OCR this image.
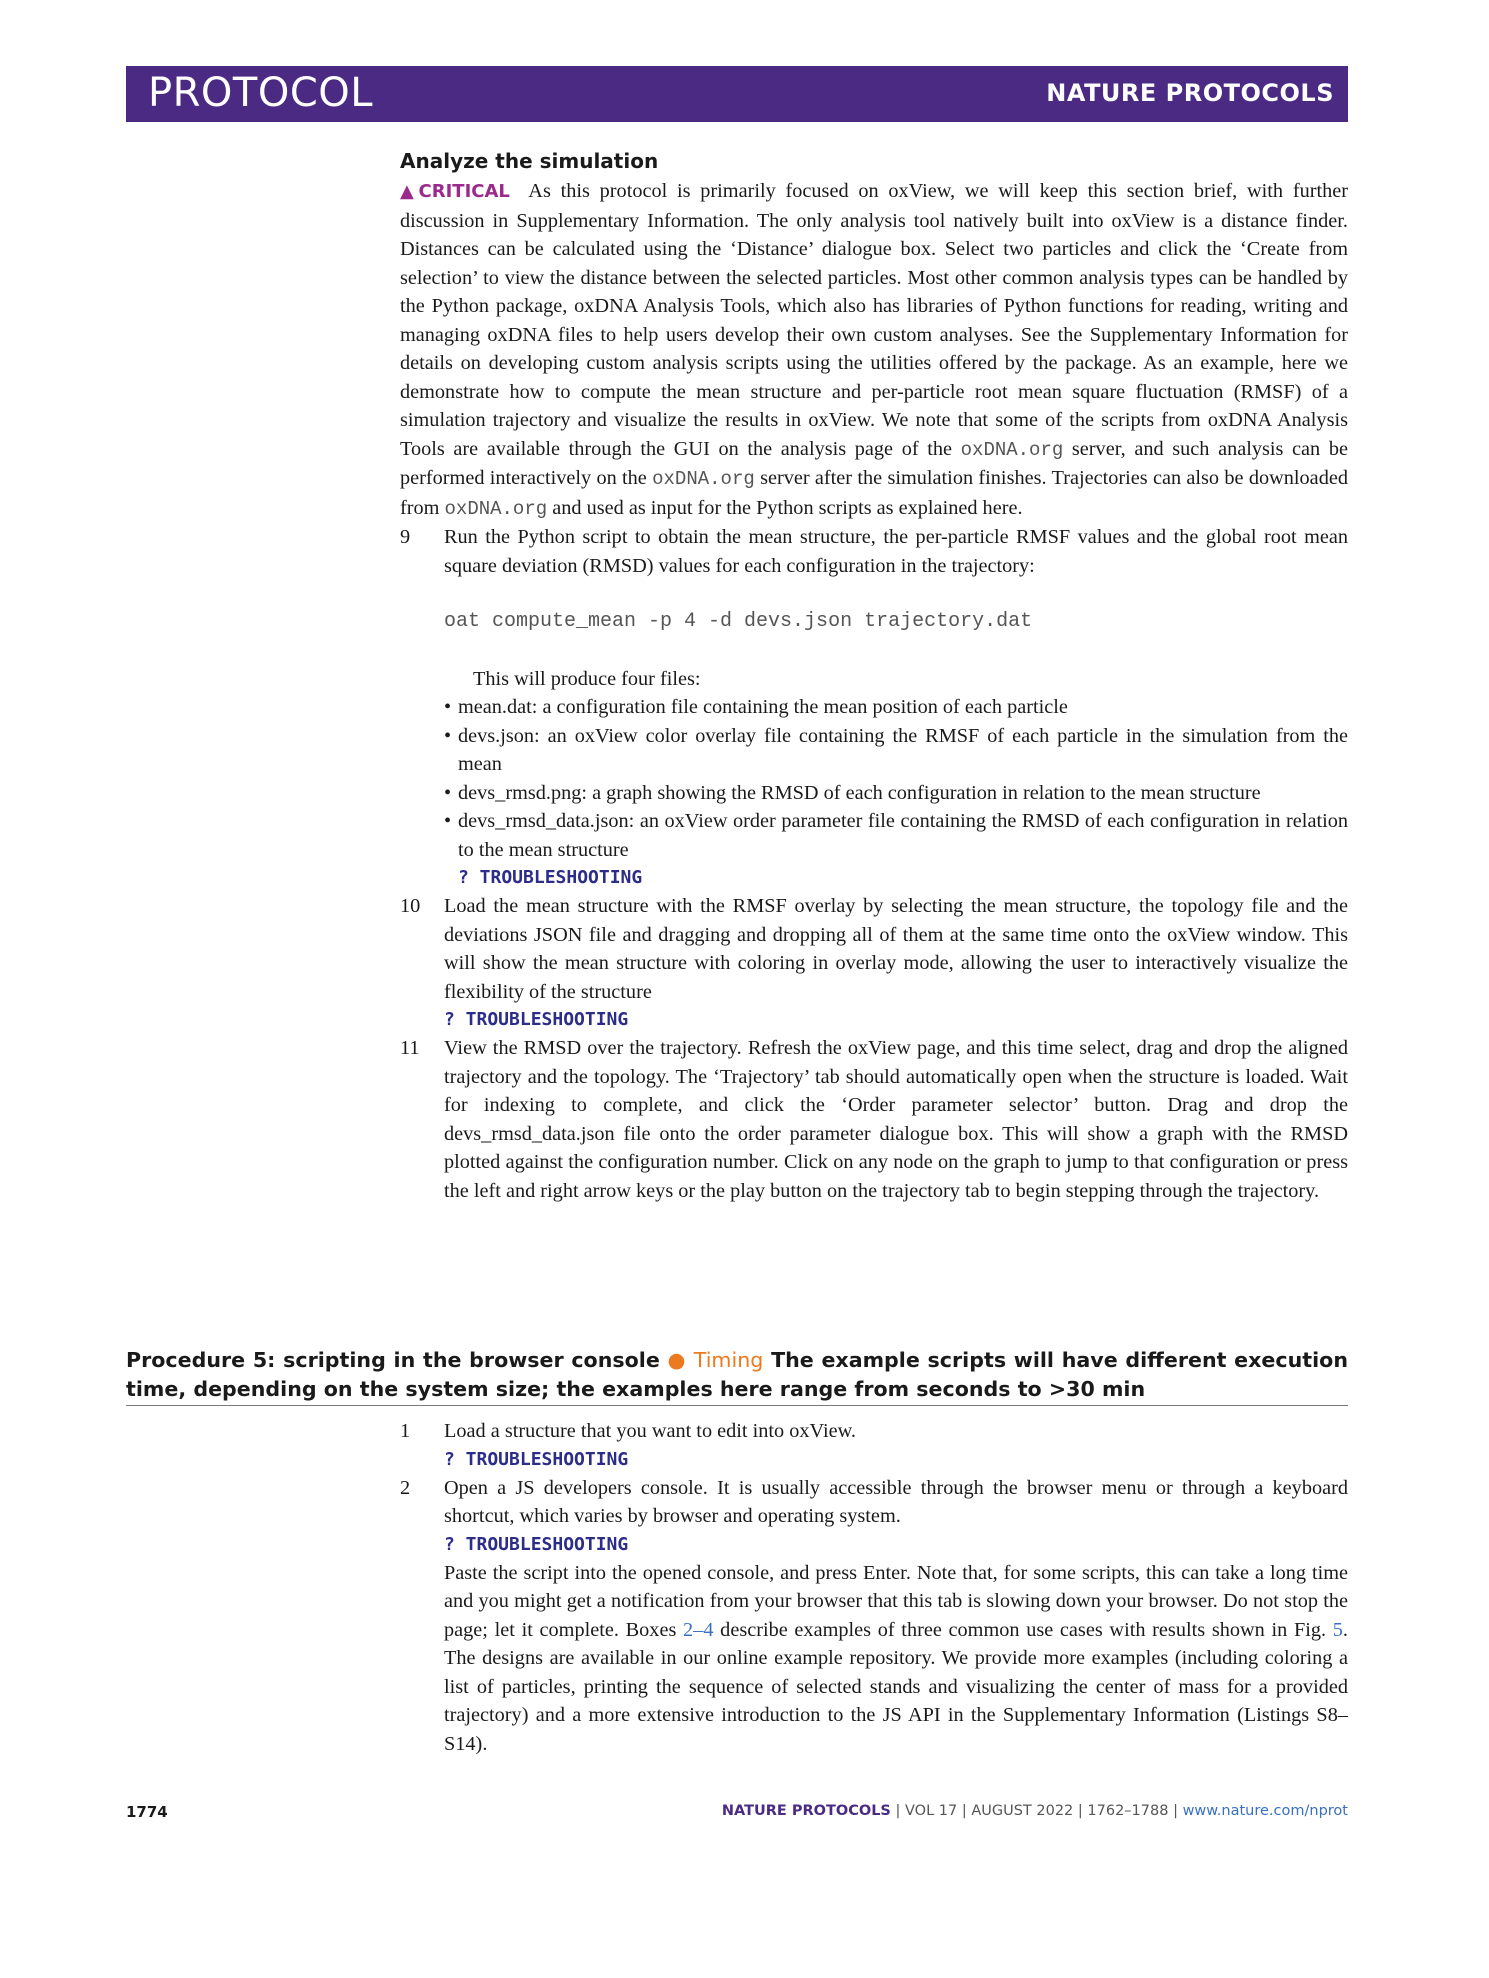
PROTOCOL	NATURE PROTOCOLS
Analyze the simulation

▲CRITICAL As this protocol is primarily focused on oxView, we will keep this section brief, with further discussion in Supplementary Information. The only analysis tool natively built into oxView is a distance finder. Distances can be calculated using the ‘Distance’ dialogue box. Select two particles and click the ‘Create from selection’ to view the distance between the selected particles. Most other common analysis types can be handled by the Python package, oxDNA Analysis Tools, which also has libraries of Python functions for reading, writing and managing oxDNA files to help users develop their own custom analyses. See the Supplementary Information for details on developing custom analysis scripts using the utilities offered by the package. As an example, here we demonstrate how to compute the mean structure and per-particle root mean square fluctuation (RMSF) of a simulation trajectory and visualize the results in oxView. We note that some of the scripts from oxDNA Analysis Tools are available through the GUI on the analysis page of the oxDNA.org server, and such analysis can be performed interactively on the oxDNA.org server after the simulation finishes. Trajectories can also be downloaded from oxDNA.org and used as input for the Python scripts as explained here.

9 Run the Python script to obtain the mean structure, the per-particle RMSF values and the global root mean square deviation (RMSD) values for each configuration in the trajectory:

oat compute_mean -p 4 -d devs.json trajectory.dat

This will produce four files:

• mean.dat: a configuration file containing the mean position of each particle
• devs.json: an oxView color overlay file containing the RMSF of each particle in the simulation from the mean
• devs_rmsd.png: a graph showing the RMSD of each configuration in relation to the mean structure
• devs_rmsd_data.json: an oxView order parameter file containing the RMSD of each configuration in relation to the mean structure
? TROUBLESHOOTING
10 Load the mean structure with the RMSF overlay by selecting the mean structure, the topology file and the deviations JSON file and dragging and dropping all of them at the same time onto the oxView window. This will show the mean structure with coloring in overlay mode, allowing the user to interactively visualize the flexibility of the structure

? TROUBLESHOOTING
11 View the RMSD over the trajectory. Refresh the oxView page, and this time select, drag and drop the aligned trajectory and the topology. The ‘Trajectory’ tab should automatically open when the structure is loaded. Wait for indexing to complete, and click the ‘Order parameter selector’ button. Drag and drop the devs_rmsd_data.json file onto the order parameter dialogue box. This will show a graph with the RMSD plotted against the configuration number. Click on any node on the graph to jump to that configuration or press the left and right arrow keys or the play button on the trajectory tab to begin stepping through the trajectory.

Procedure 5: scripting in the browser console ● Timing The example scripts will have different execution time, depending on the system size; the examples here range from seconds to >30 min
1 Load a structure that you want to edit into oxView.

? TROUBLESHOOTING
2 Open a JS developers console. It is usually accessible through the browser menu or through a keyboard shortcut, which varies by browser and operating system.

? TROUBLESHOOTING

Paste the script into the opened console, and press Enter. Note that, for some scripts, this can take a long time and you might get a notification from your browser that this tab is slowing down your browser. Do not stop the page; let it complete. Boxes 2–4 describe examples of three common use cases with results shown in Fig. 5. The designs are available in our online example repository. We provide more examples (including coloring a list of particles, printing the sequence of selected stands and visualizing the center of mass for a provided trajectory) and a more extensive introduction to the JS API in the Supplementary Information (Listings S8–S14).

1774	NATURE PROTOCOLS | VOL 17 | AUGUST 2022 | 1762–1788 | www.nature.com/nprot
